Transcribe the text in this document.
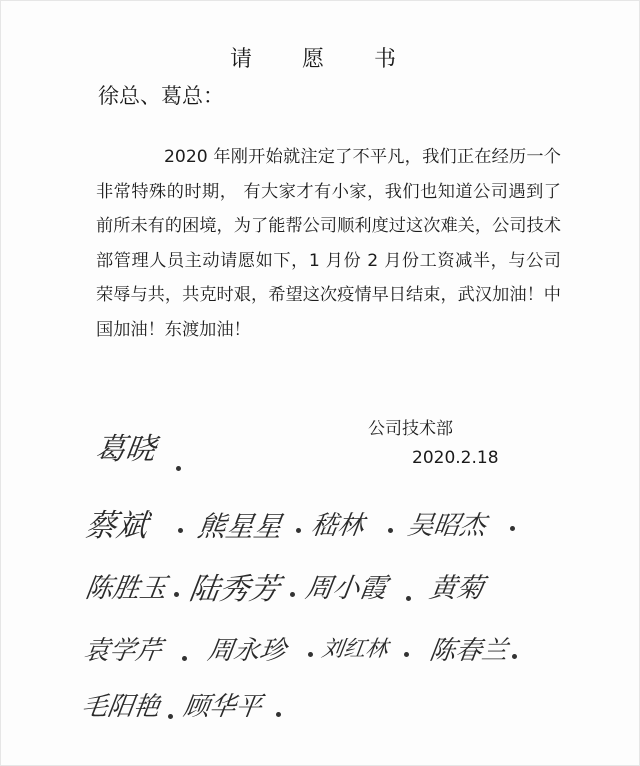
请　愿　书
徐总、葛总：
2020 年刚开始就注定了不平凡，我们正在经历一个非常特殊的时期， 有大家才有小家，我们也知道公司遇到了前所未有的困境，为了能帮公司顺利度过这次难关，公司技术部管理人员主动请愿如下，1 月份 2 月份工资减半，与公司荣辱与共，共克时艰，希望这次疫情早日结束，武汉加油！中国加油！东渡加油！
公司技术部
2020.2.18
葛晓
蔡斌 熊星星 嵇林 吴昭杰
陈胜玉 陆秀芳 周小霞 黄菊
袁学芹 周永珍 刘红林 陈春兰
毛阳艳 顾华平
